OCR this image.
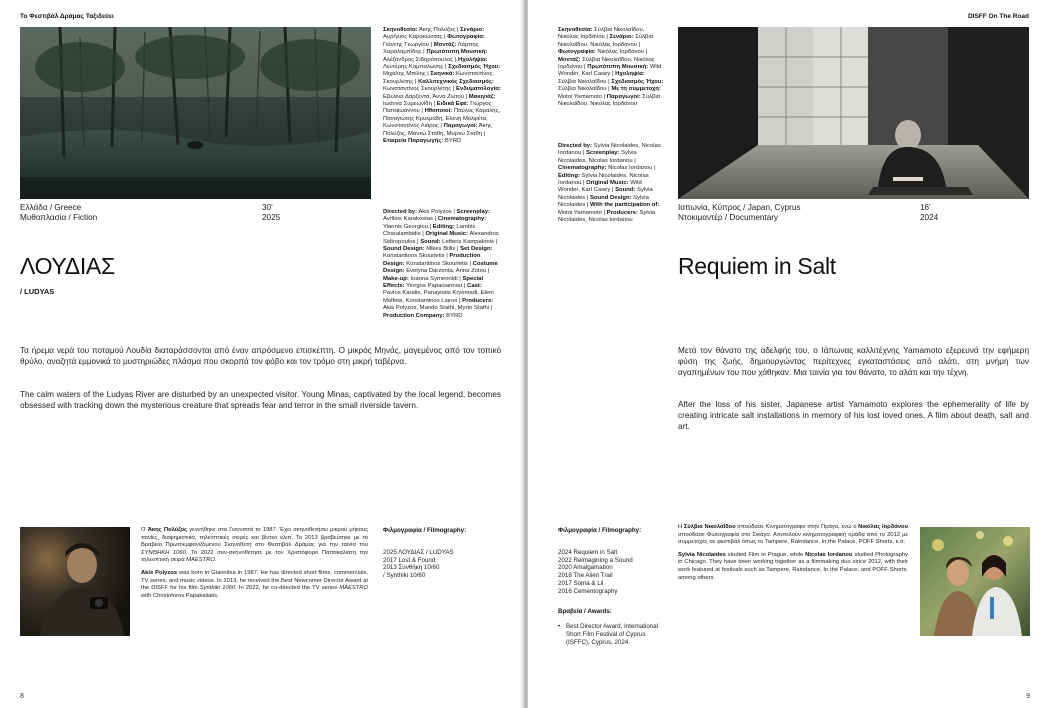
Το Φεστιβάλ Δράμας Ταξιδεύει
Ελλάδα / Greece	30'
Μυθοπλασία / Fiction	2025
ΛΟΥΔΙΑΣ
/ LUDYAS
Σκηνοθεσία: Άκης Πολύζος | Σενάριο: Αυρήλιος Καρακώστας | Φωτογραφία: Γιάννης Γεωργίου | Μοντάζ: Λάμπης Χαραλαμπίδης | Πρωτότυπη Μουσική: Αλέξανδρος Σιδηρόπουλος | Ηχολήψία: Λευτέρης Καμπαλώνης | Σχεδιασμός Ήχου: Μιχάλης Μπίλης | Σκηνικά: Κωνσταντίνος Σκουρλέτης | Καλλιτεχνικός Σχεδιασμός: Κωνσταντίνος Σκουρλέτης | Ενδυματολογία: Εβελίνα Δαρζέντα, Άννα Ζώτου | Μακιγιάζ: Ιωάννα Συμεωνίδη | Ειδικά Εφέ: Γιώργος Παπαϊωάννου | Ηθοποιοί: Παύλος Κάραλης, Παναγιώτης Κρυεμάδη, Ελένη Μολφέτα, Κωνσταντίνος Λιάρος | Παραγωγοί: Άκης Πολύζος, Μαντώ Στάθη, Μυρτώ Στάθη | Εταιρεία Παραγωγής: BYRD
Directed by: Akis Polyzos | Screenplay: Avrilios Karakostas | Cinematography: Yiannis Georgiou | Editing: Lambis Charalambidis | Original Music: Alexandros Sidiropoulos | Sound: Lefteris Kampalonis | Sound Design: Mikes Billis | Set Design: Konstantinos Skourletis | Production Design: Konstantinos Skourletis | Costume Design: Evelyna Darzenta, Anna Zotou | Make-up: Ioanna Symeonidi | Special Effects: Yiorgos Papaioannou | Cast: Pavlos Karalis, Panayiotis Kryemadi, Eleni Molfeta, Konstantinos Liaros | Producers: Akis Polyzos, Mando Stathi, Myrto Stathi | Production Company: BYRD
Τα ήρεμα νερά του ποταμού Λουδία διαταράσσονται από έναν απρόσμενο επισκέπτη. Ο μικρός Μηνάς, μαγεμένος από τον τοπικό θρύλο, αναζητά εμμονικά το μυστηριώδες πλάσμα που σκορπά τον φόβο και τον τρόμο στη μικρή ταβέρνα.
The calm waters of the Ludyas River are disturbed by an unexpected visitor. Young Minas, captivated by the local legend, becomes obsessed with tracking down the mysterious creature that spreads fear and terror in the small riverside tavern.

O Άκης Πολύζος γεννήθηκε στα Γιαννιτσά το 1987. Έχει σκηνοθετήσει μικρού μήκους ταινίες, διαφημιστικά, τηλεοπτικές σειρές και βίντεο κλιπ. Το 2013 βραβεύτηκε με το Βραβείο Πρωτοεμφανιζόμενου Σκηνοθέτη στο Φεστιβάλ Δράμας για την ταινία του ΣΥΝΘΗΚΗ 1060. Το 2022 συν-σκηνοθέτησε με τον Χριστόφορο Παπακαλιάτη την τηλεοπτική σειρά MAESTRO.

Akis Polyzos was born in Giannitsa in 1987. He has directed short films, commercials, TV series, and music videos. In 2013, he received the Best Newcomer Director Award at the DISFF for his film Synthiki 1060. In 2022, he co-directed the TV series MAESTRO with Christoforos Papakaliatis.

Φιλμογραφία / Filmography:
2025 ΛΟΥΔΙΑΣ / LUDYAS
2017 Lost & Found
2013 Συνθήκη 10/60
/ Synthiki 10/60
8
DISFF On The Road
Σκηνοθεσία: Σύλβια Νικολαΐδου, Νικόλας Ιορδάνου | Σενάριο: Σύλβια Νικολαΐδου, Νικόλας Ιορδάνου | Φωτογραφία: Νικόλας Ιορδάνου | Μοντάζ: Σύλβια Νικολαΐδου, Νικόλας Ιορδάνου | Πρωτότυπη Μουσική: Wild Wonder, Karl Casey | Ηχοληψία: Σύλβια Νικολαΐδου | Σχεδιασμός Ήχου: Σύλβια Νικολαΐδου | Με τη συμμετοχή: Motoi Yamamoto | Παραγωγοί: Σύλβια Νικολαΐδου, Νικόλας Ιορδάνου
Directed by: Sylvia Nicolaides, Nicolas Iordanou | Screenplay: Sylvia Nicolaides, Nicolas Iordanou | Cinematography: Nicolas Iordanou | Editing: Sylvia Nicolaides, Nicolas Iordanou | Original Music: Wild Wonder, Karl Casey | Sound: Sylvia Nicolaides | Sound Design: Sylvia Nicolaides | With the participation of: Motoi Yamamoto | Producers: Sylvia Nicolaides, Nicolas Iordanou
Ιαπωνία, Κύπρος / Japan, Cyprus	16'
Ντοκιμαντέρ / Documentary	2024
Requiem in Salt
Μετά τον θάνατο της αδελφής του, ο Ιάπωνας καλλιτέχνης Yamamoto εξερευνά την εφήμερη φύση της ζωής, δημιουργώντας περίτεχνες εγκαταστάσεις από αλάτι, στη μνήμη των αγαπημένων του που χάθηκαν. Μια ταινία για τον θάνατο, το αλάτι και την τέχνη.
After the loss of his sister, Japanese artist Yamamoto explores the ephemerality of life by creating intricate salt installations in memory of his lost loved ones. A film about death, salt and art.
Φιλμογραφία / Filmography:
2024 Requiem in Salt
2022 Reimagining a Sound
2020 Amalgamation
2018 The Alien Trail
2017 Soma & Lil
2016 Cementography
Βραβεία / Awards:
• Best Director Award, International Short Film Festival of Cyprus (ISFFC), Cyprus, 2024.

Η Σύλβια Νικολαΐδου σπούδασε Κινηματογράφο στην Πράγα, ενώ ο Νικόλας Ιορδάνου σπούδασε Φωτογραφία στο Σικάγο. Αποτελούν κινηματογραφική ομάδα από το 2012 με συμμετοχές σε φεστιβάλ όπως το Tampere, Raindance, In the Palace, POFF Shorts, κ.ά.

Sylvia Nicolaides studied Film in Prague, while Nicolas Iordanou studied Photography in Chicago. They have been working together as a filmmaking duo since 2012, with their work featured at festivals such as Tampere, Raindance, In the Palace, and POFF Shorts, among others.

9
